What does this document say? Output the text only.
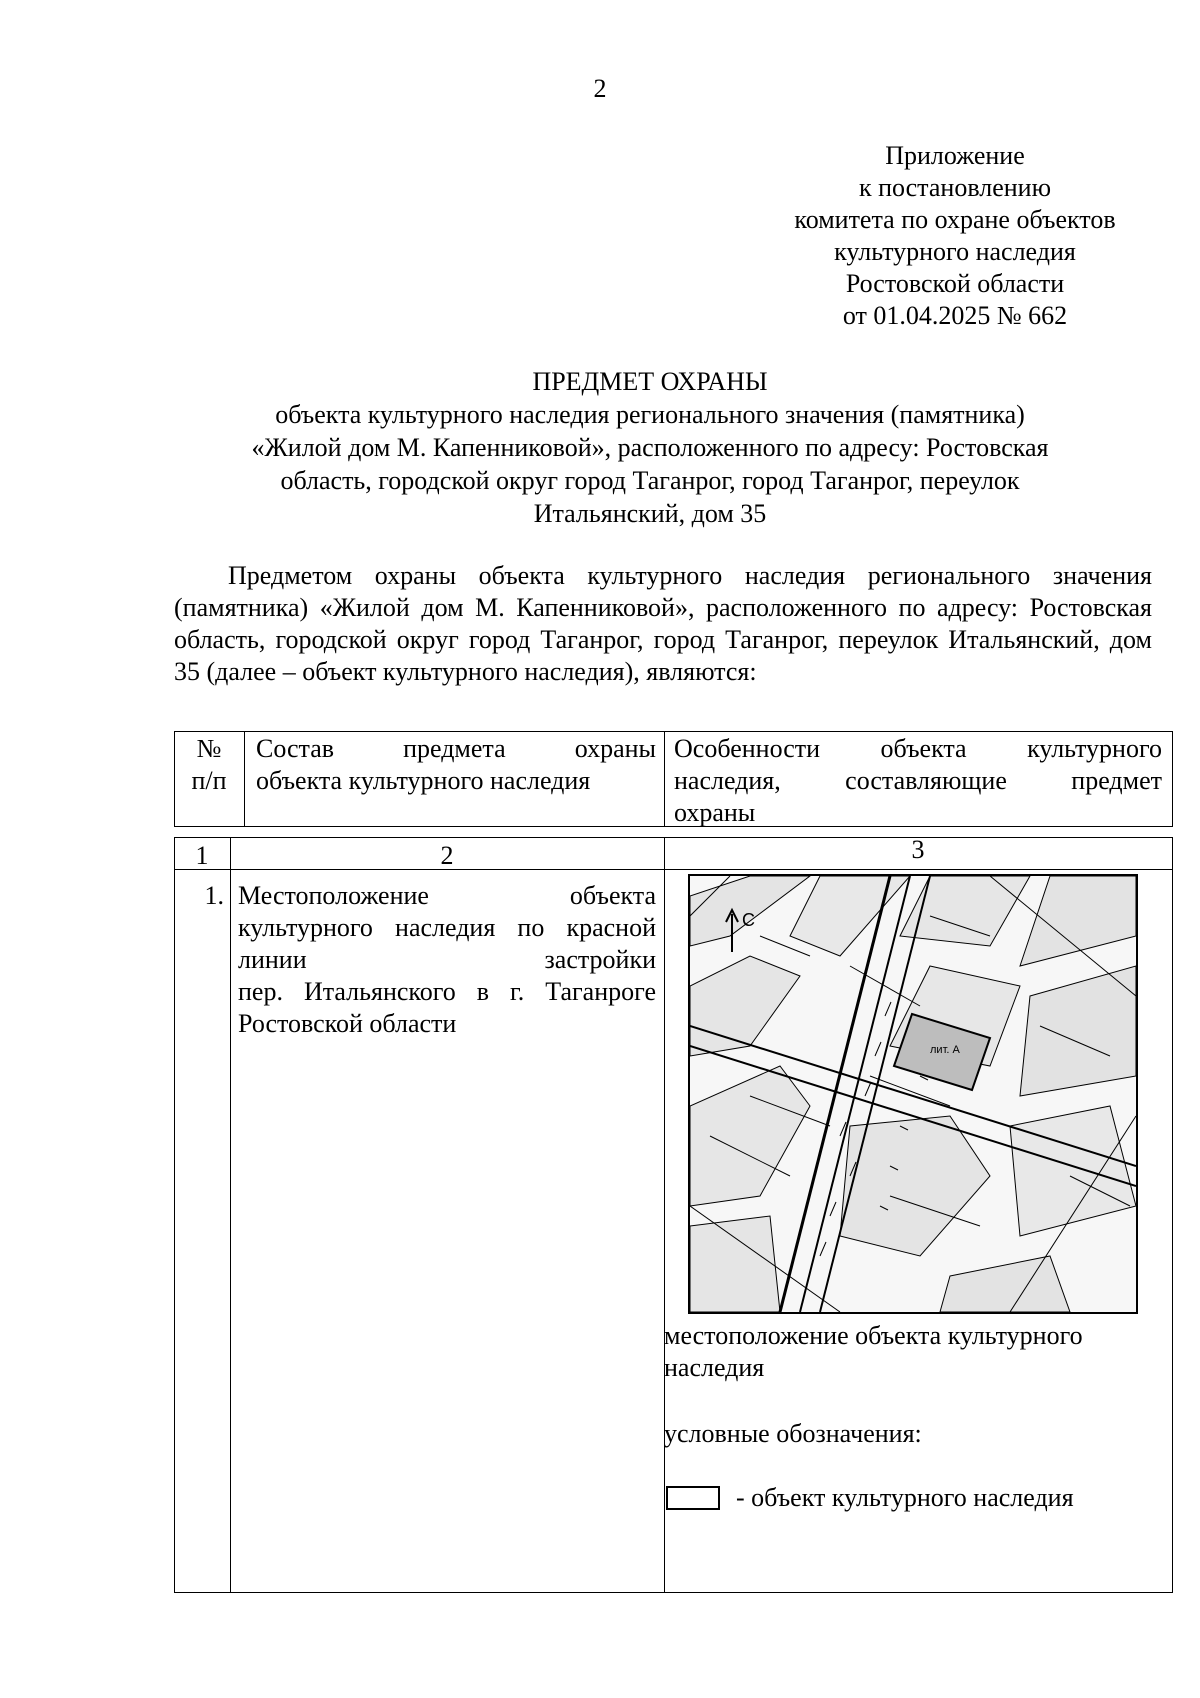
2
Приложение
к постановлению
комитета по охране объектов
культурного наследия
Ростовской области
от 01.04.2025 № 662
ПРЕДМЕТ ОХРАНЫ
объекта культурного наследия регионального значения (памятника)
«Жилой дом М. Капенниковой», расположенного по адресу: Ростовская
область, городской округ город Таганрог, город Таганрог, переулок
Итальянский, дом 35

Предметом охраны объекта культурного наследия регионального значения (памятника) «Жилой дом М. Капенниковой», расположенного по адресу: Ростовская область, городской округ город Таганрог, город Таганрог, переулок Итальянский, дом 35 (далее – объект культурного наследия), являются:

№
п/п
Состав предмета охраны
объекта культурного наследия
Особенности объекта культурного
наследия, составляющие предмет
охраны
1	2	3
1. Местоположение объекта
культурного наследия по красной
линии застройки
пер. Итальянского в г. Таганроге
Ростовской области
С
лит. А
местоположение объекта культурного наследия
условные обозначения:
- объект культурного наследия
